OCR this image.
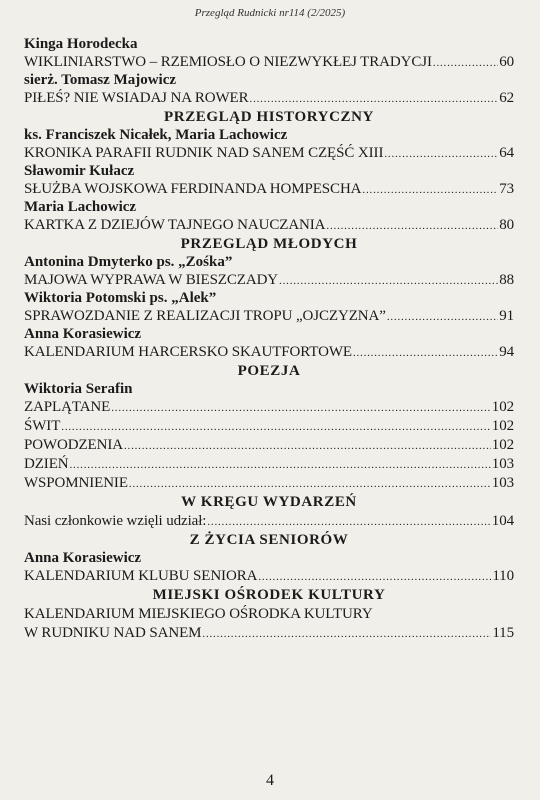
Przegląd Rudnicki nr114 (2/2025)
Kinga Horodecka
WIKLINIARSTWO – RZEMIOSŁO O NIEZWYKŁEJ TRADYCJI .....	60
sierż. Tomasz Majowicz
PIŁEŚ? NIE WSIADAJ NA ROWER .....	62
PRZEGLĄD HISTORYCZNY
ks. Franciszek Nicałek, Maria Lachowicz
KRONIKA PARAFII RUDNIK NAD SANEM CZĘŚĆ XIII .....	64
Sławomir Kułacz
SŁUŻBA WOJSKOWA FERDINANDA HOMPESCHA .....	73
Maria Lachowicz
KARTKA Z DZIEJÓW TAJNEGO NAUCZANIA .....	80
PRZEGLĄD MŁODYCH
Antonina Dmyterko ps. „Zośka”
MAJOWA WYPRAWA W BIESZCZADY .....	88
Wiktoria Potomski ps. „Alek”
SPRAWOZDANIE Z REALIZACJI TROPU „OJCZYZNA” .....	91
Anna Korasiewicz
KALENDARIUM HARCERSKO SKAUTFORTOWE .....	94
POEZJA
Wiktoria Serafin
ZAPLĄTANE .....	102
ŚWIT .....	102
POWODZENIA .....	102
DZIEŃ .....	103
WSPOMNIENIE .....	103
W KRĘGU WYDARZEŃ
Nasi członkowie wzięli udział: .....	104
Z ŻYCIA SENIORÓW
Anna Korasiewicz
KALENDARIUM KLUBU SENIORA .....	110
MIEJSKI OŚRODEK KULTURY
KALENDARIUM MIEJSKIEGO OŚRODKA KULTURY
W RUDNIKU NAD SANEM .....	115
4
